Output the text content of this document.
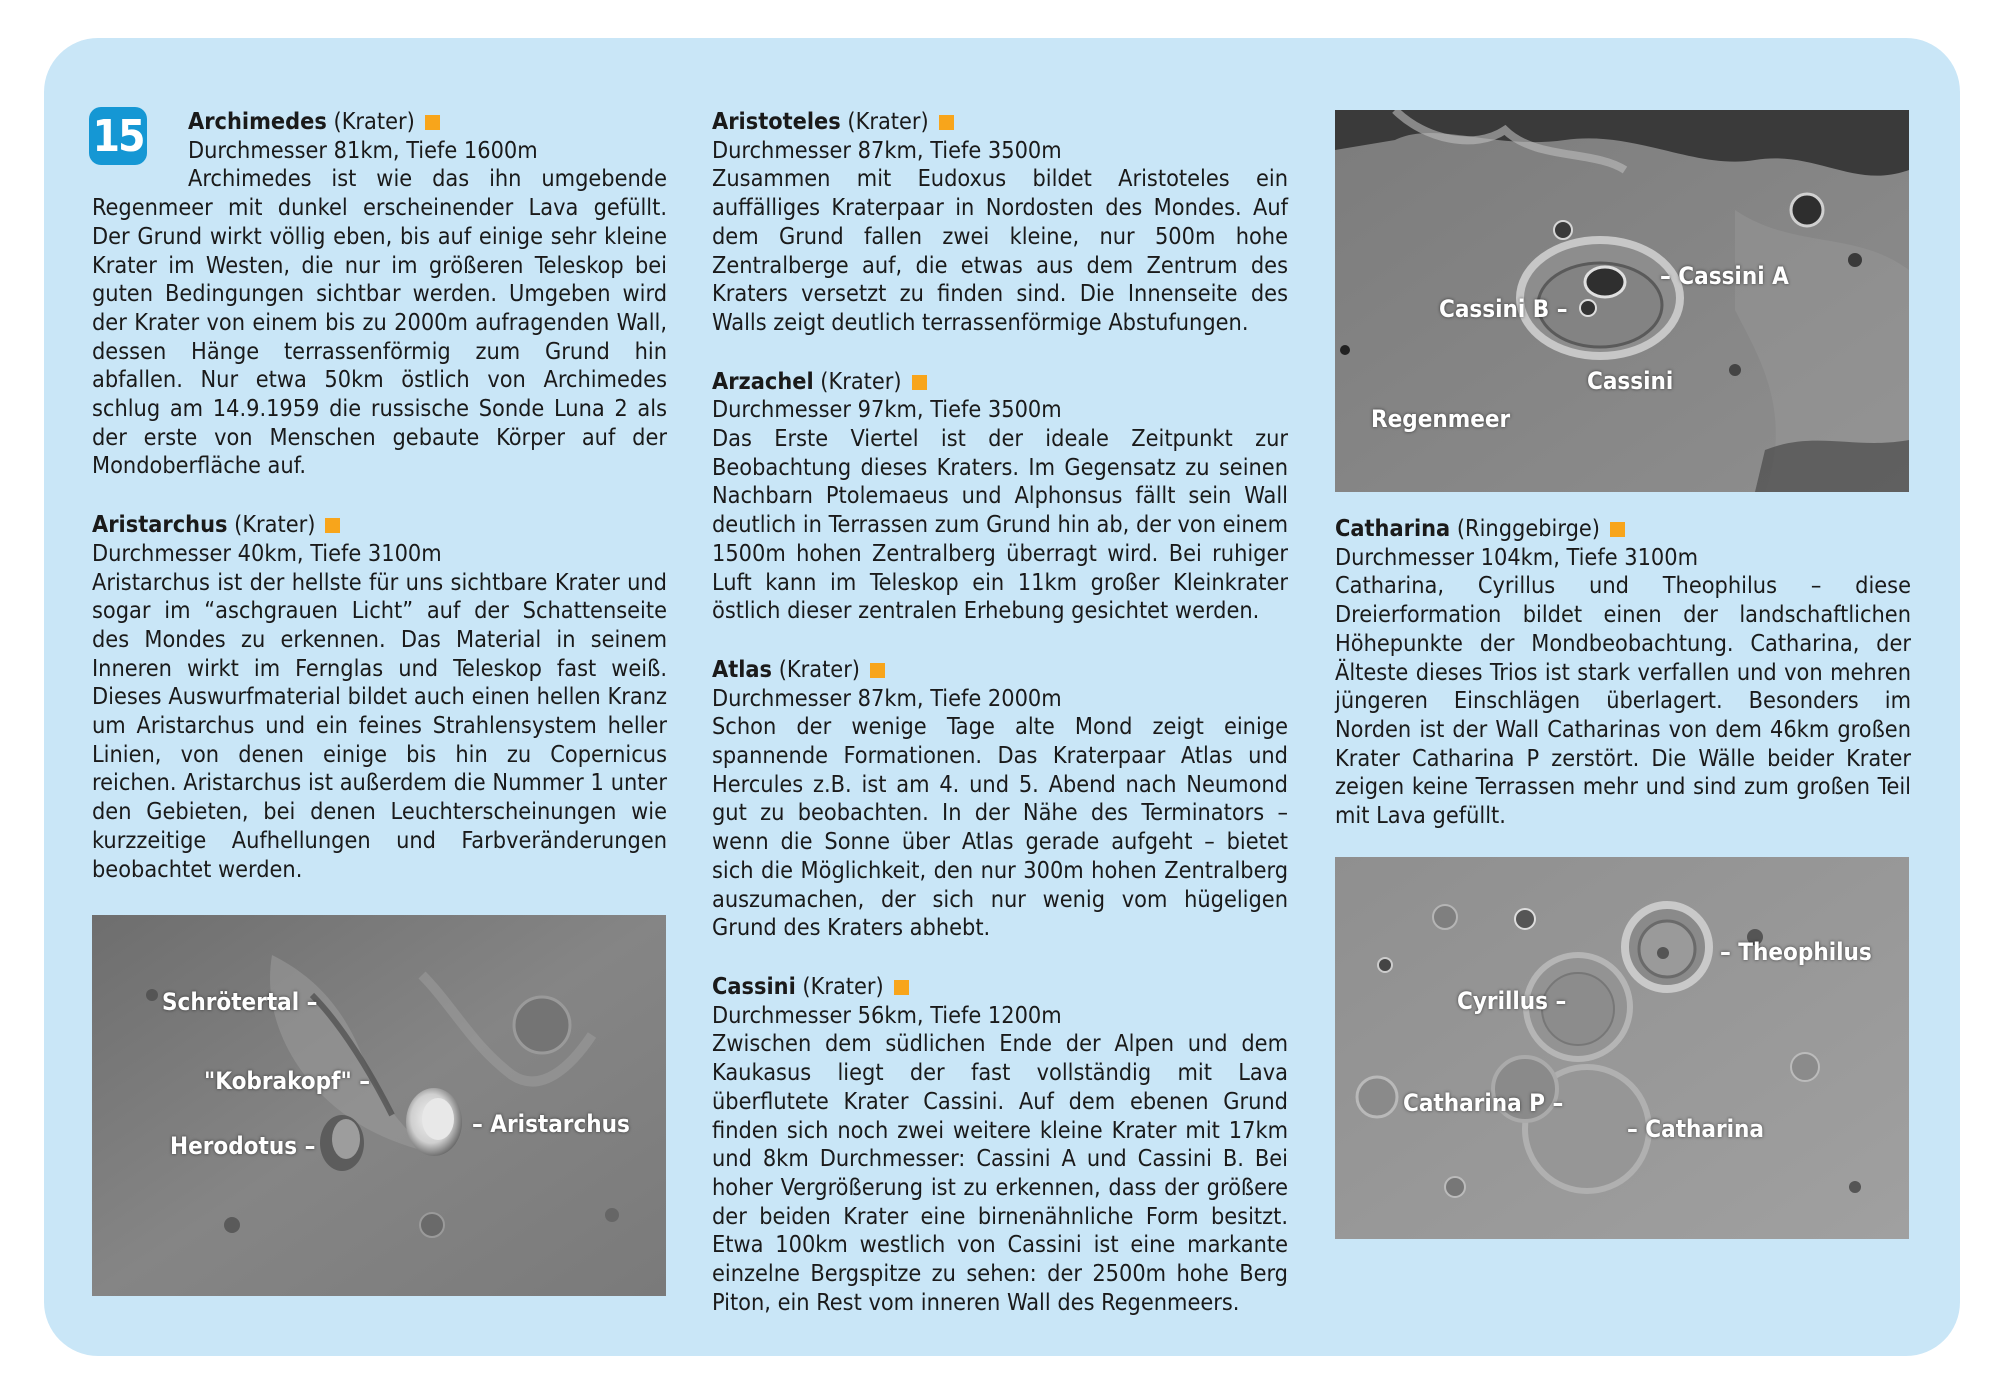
15	Archimedes (Krater)
Durchmesser 81km, Tiefe 1600m
Archimedes ist wie das ihn umgebende Regenmeer mit dunkel erscheinender Lava gefüllt. Der Grund wirkt völlig eben, bis auf einige sehr kleine Krater im Westen, die nur im größeren Teleskop bei guten Bedingungen sichtbar werden. Umgeben wird der Krater von einem bis zu 2000m aufragenden Wall, dessen Hänge terrassenförmig zum Grund hin abfallen. Nur etwa 50km östlich von Archimedes schlug am 14.9.1959 die russische Sonde Luna 2 als der erste von Menschen gebaute Körper auf der Mondoberfläche auf.
Aristarchus (Krater)
Durchmesser 40km, Tiefe 3100m
Aristarchus ist der hellste für uns sichtbare Krater und sogar im “aschgrauen Licht” auf der Schattenseite des Mondes zu erkennen. Das Material in seinem Inneren wirkt im Fernglas und Teleskop fast weiß. Dieses Auswurfmaterial bildet auch einen hellen Kranz um Aristarchus und ein feines Strahlensystem heller Linien, von denen einige bis hin zu Copernicus reichen. Aristarchus ist außerdem die Nummer 1 unter den Gebieten, bei denen Leuchterscheinungen wie kurzzeitige Aufhellungen und Farbveränderungen beobachtet werden.
Schrötertal –
"Kobrakopf" –
Herodotus –
– Aristarchus
Aristoteles (Krater)
Durchmesser 87km, Tiefe 3500m
Zusammen mit Eudoxus bildet Aristoteles ein auffälliges Kraterpaar in Nordosten des Mondes. Auf dem Grund fallen zwei kleine, nur 500m hohe Zentralberge auf, die etwas aus dem Zentrum des Kraters versetzt zu finden sind. Die Innenseite des Walls zeigt deutlich terrassenförmige Abstufungen.
Arzachel (Krater)
Durchmesser 97km, Tiefe 3500m
Das Erste Viertel ist der ideale Zeitpunkt zur Beobachtung dieses Kraters. Im Gegensatz zu seinen Nachbarn Ptolemaeus und Alphonsus fällt sein Wall deutlich in Terrassen zum Grund hin ab, der von einem 1500m hohen Zentralberg überragt wird. Bei ruhiger Luft kann im Teleskop ein 11km großer Kleinkrater östlich dieser zentralen Erhebung gesichtet werden.
Atlas (Krater)
Durchmesser 87km, Tiefe 2000m
Schon der wenige Tage alte Mond zeigt einige spannende Formationen. Das Kraterpaar Atlas und Hercules z.B. ist am 4. und 5. Abend nach Neumond gut zu beobachten. In der Nähe des Terminators – wenn die Sonne über Atlas gerade aufgeht – bietet sich die Möglichkeit, den nur 300m hohen Zentralberg auszumachen, der sich nur wenig vom hügeligen Grund des Kraters abhebt.
Cassini (Krater)
Durchmesser 56km, Tiefe 1200m
Zwischen dem südlichen Ende der Alpen und dem Kaukasus liegt der fast vollständig mit Lava überflutete Krater Cassini. Auf dem ebenen Grund finden sich noch zwei weitere kleine Krater mit 17km und 8km Durchmesser: Cassini A und Cassini B. Bei hoher Vergrößerung ist zu erkennen, dass der größere der beiden Krater eine birnenähnliche Form besitzt. Etwa 100km westlich von Cassini ist eine markante einzelne Bergspitze zu sehen: der 2500m hohe Berg Piton, ein Rest vom inneren Wall des Regenmeers.
– Cassini A
Cassini B –
Cassini
Regenmeer
Catharina (Ringgebirge)
Durchmesser 104km, Tiefe 3100m
Catharina, Cyrillus und Theophilus – diese Dreierformation bildet einen der landschaftlichen Höhepunkte der Mondbeobachtung. Catharina, der Älteste dieses Trios ist stark verfallen und von mehren jüngeren Einschlägen überlagert. Besonders im Norden ist der Wall Catharinas von dem 46km großen Krater Catharina P zerstört. Die Wälle beider Krater zeigen keine Terrassen mehr und sind zum großen Teil mit Lava gefüllt.
– Theophilus
Cyrillus –
Catharina P –
– Catharina
